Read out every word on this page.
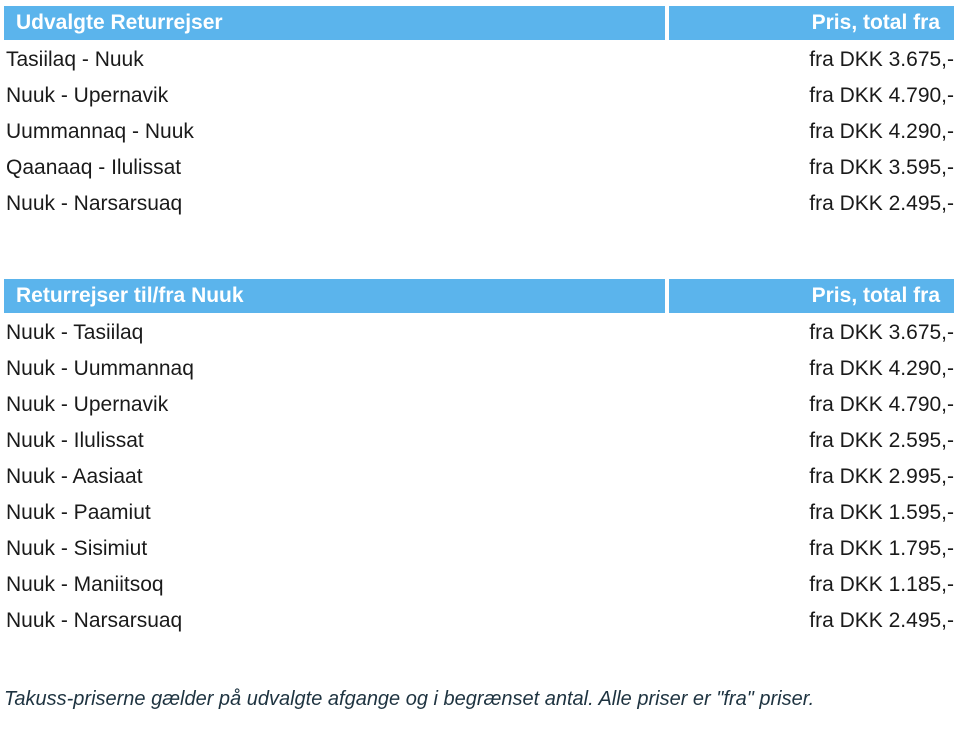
Udvalgte Returrejser	Pris, total fra
Tasiilaq - Nuuk	fra DKK 3.675,-
Nuuk - Upernavik	fra DKK 4.790,-
Uummannaq - Nuuk	fra DKK 4.290,-
Qaanaaq - Ilulissat	fra DKK 3.595,-
Nuuk - Narsarsuaq	fra DKK 2.495,-
Returrejser til/fra Nuuk	Pris, total fra
Nuuk - Tasiilaq	fra DKK 3.675,-
Nuuk - Uummannaq	fra DKK 4.290,-
Nuuk - Upernavik	fra DKK 4.790,-
Nuuk - Ilulissat	fra DKK 2.595,-
Nuuk - Aasiaat	fra DKK 2.995,-
Nuuk - Paamiut	fra DKK 1.595,-
Nuuk - Sisimiut	fra DKK 1.795,-
Nuuk - Maniitsoq	fra DKK 1.185,-
Nuuk - Narsarsuaq	fra DKK 2.495,-
Takuss-priserne gælder på udvalgte afgange og i begrænset antal. Alle priser er "fra" priser.
